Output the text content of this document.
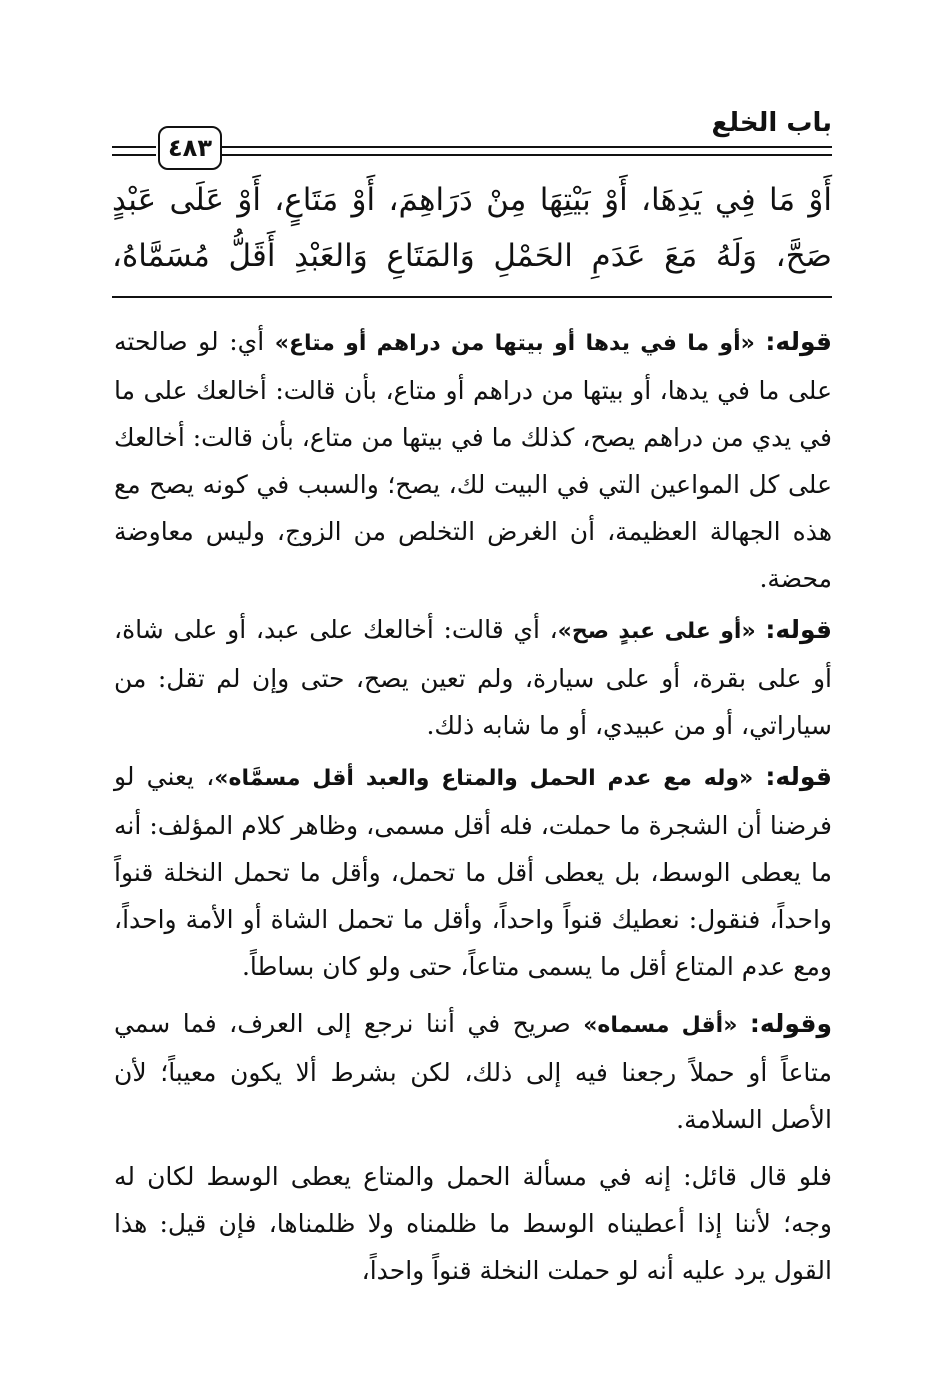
باب الخلع
٤٨٣

أَوْ مَا فِي يَدِهَا، أَوْ بَيْتِهَا مِنْ دَرَاهِمَ، أَوْ مَتَاعٍ، أَوْ عَلَى عَبْدٍ صَحَّ، وَلَهُ مَعَ عَدَمِ الحَمْلِ وَالمَتَاعِ وَالعَبْدِ أَقَلُّ مُسَمَّاهُ،

قوله: «أو ما في يدها أو بيتها من دراهم أو متاع» أي: لو صالحته على ما في يدها، أو بيتها من دراهم أو متاع، بأن قالت: أخالعك على ما في يدي من دراهم يصح، كذلك ما في بيتها من متاع، بأن قالت: أخالعك على كل المواعين التي في البيت لك، يصح؛ والسبب في كونه يصح مع هذه الجهالة العظيمة، أن الغرض التخلص من الزوج، وليس معاوضة محضة.

قوله: «أو على عبدٍ صح»، أي قالت: أخالعك على عبد، أو على شاة، أو على بقرة، أو على سيارة، ولم تعين يصح، حتى وإن لم تقل: من سياراتي، أو من عبيدي، أو ما شابه ذلك.

قوله: «وله مع عدم الحمل والمتاع والعبد أقل مسمَّاه»، يعني لو فرضنا أن الشجرة ما حملت، فله أقل مسمى، وظاهر كلام المؤلف: أنه ما يعطى الوسط، بل يعطى أقل ما تحمل، وأقل ما تحمل النخلة قنواً واحداً، فنقول: نعطيك قنواً واحداً، وأقل ما تحمل الشاة أو الأمة واحداً، ومع عدم المتاع أقل ما يسمى متاعاً، حتى ولو كان بساطاً.

وقوله: «أقل مسماه» صريح في أننا نرجع إلى العرف، فما سمي متاعاً أو حملاً رجعنا فيه إلى ذلك، لكن بشرط ألا يكون معيباً؛ لأن الأصل السلامة.

فلو قال قائل: إنه في مسألة الحمل والمتاع يعطى الوسط لكان له وجه؛ لأننا إذا أعطيناه الوسط ما ظلمناه ولا ظلمناها، فإن قيل: هذا القول يرد عليه أنه لو حملت النخلة قنواً واحداً،
